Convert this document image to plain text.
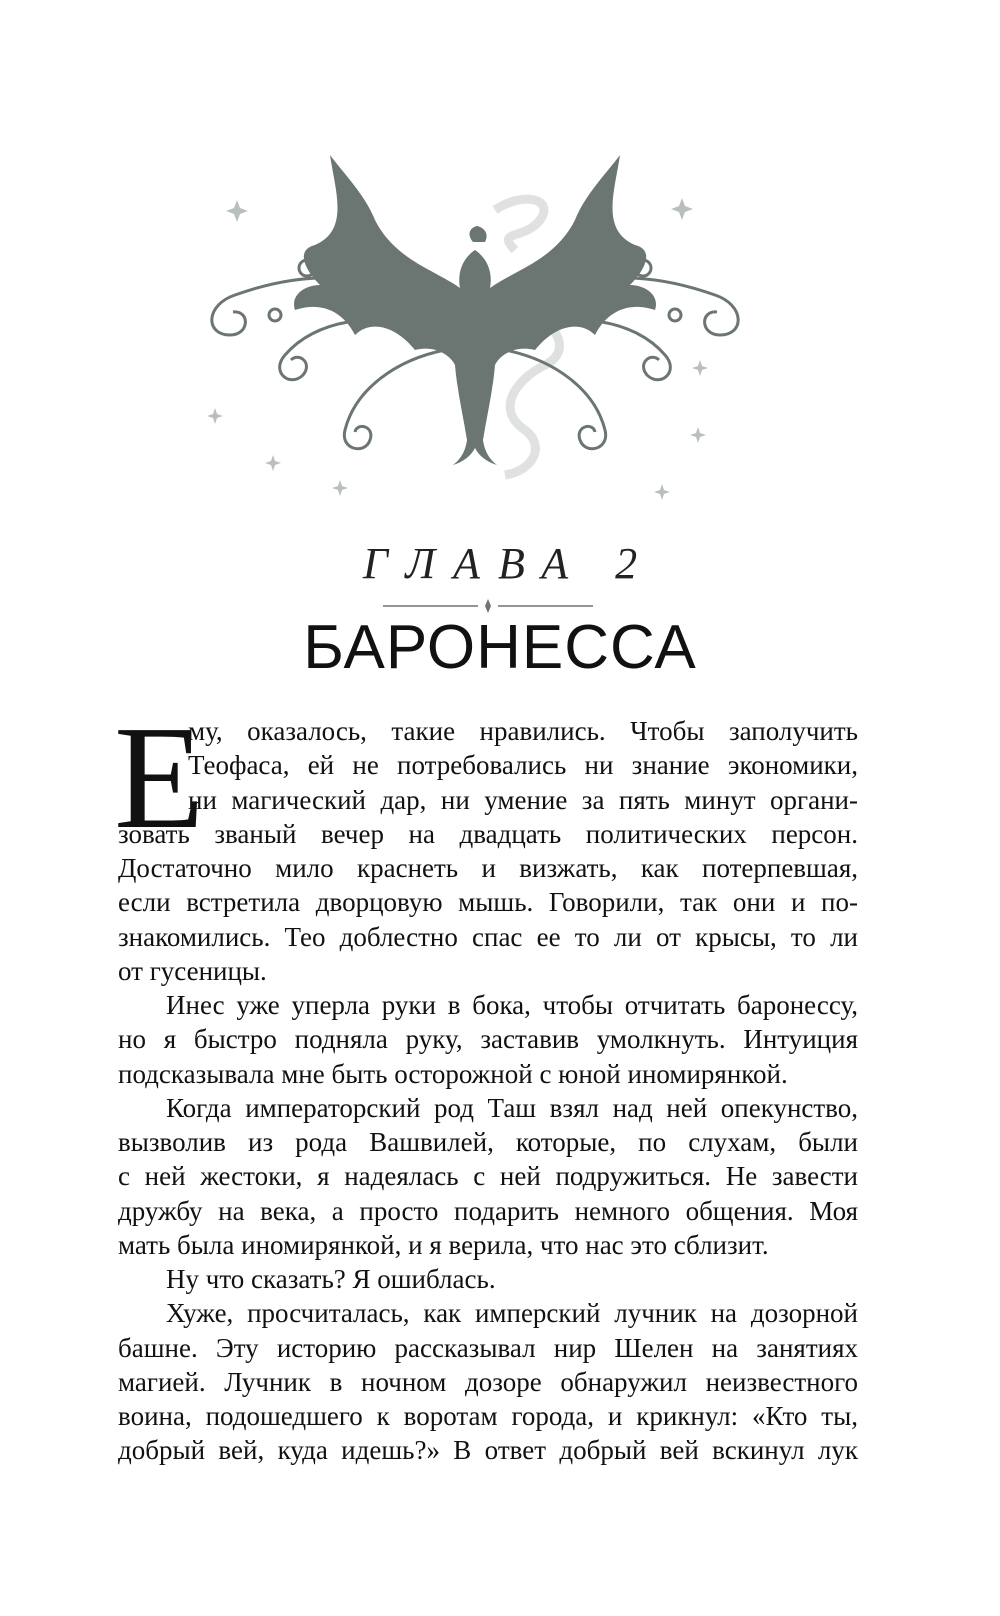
ГЛАВА 2
БАРОНЕССА
Е
му, оказалось, такие нравились. Чтобы заполучить
Теофаса, ей не потребовались ни знание экономики,
ни магический дар, ни умение за пять минут органи-
зовать званый вечер на двадцать политических персон.
Достаточно мило краснеть и визжать, как потерпевшая,
если встретила дворцовую мышь. Говорили, так они и по-
знакомились. Тео доблестно спас ее то ли от крысы, то ли
от гусеницы.
Инес уже уперла руки в бока, чтобы отчитать баронессу,
но я быстро подняла руку, заставив умолкнуть. Интуиция
подсказывала мне быть осторожной с юной иномирянкой.
Когда императорский род Таш взял над ней опекунство,
вызволив из рода Вашвилей, которые, по слухам, были
с ней жестоки, я надеялась с ней подружиться. Не завести
дружбу на века, а просто подарить немного общения. Моя
мать была иномирянкой, и я верила, что нас это сблизит.
Ну что сказать? Я ошиблась.
Хуже, просчиталась, как имперский лучник на дозорной
башне. Эту историю рассказывал нир Шелен на занятиях
магией. Лучник в ночном дозоре обнаружил неизвестного
воина, подошедшего к воротам города, и крикнул: «Кто ты,
добрый вей, куда идешь?» В ответ добрый вей вскинул лук
